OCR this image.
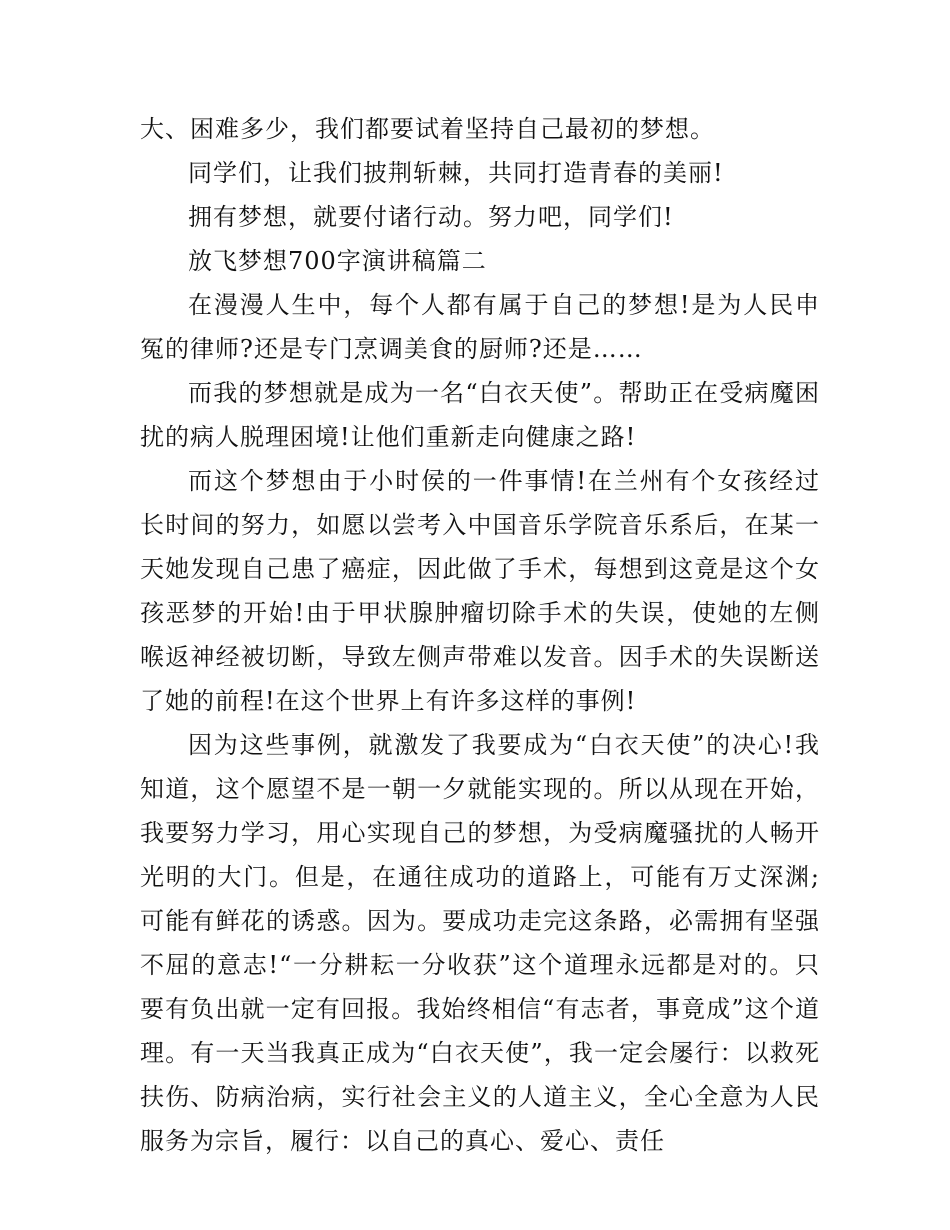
大、困难多少，我们都要试着坚持自己最初的梦想。

同学们，让我们披荆斩棘，共同打造青春的美丽!

拥有梦想，就要付诸行动。努力吧，同学们!

放飞梦想700字演讲稿篇二

在漫漫人生中，每个人都有属于自己的梦想!是为人民申冤的律师?还是专门烹调美食的厨师?还是……

而我的梦想就是成为一名“白衣天使”。帮助正在受病魔困扰的病人脱理困境!让他们重新走向健康之路!

而这个梦想由于小时侯的一件事情!在兰州有个女孩经过长时间的努力，如愿以尝考入中国音乐学院音乐系后，在某一天她发现自己患了癌症，因此做了手术，每想到这竟是这个女孩恶梦的开始!由于甲状腺肿瘤切除手术的失误，使她的左侧喉返神经被切断，导致左侧声带难以发音。因手术的失误断送了她的前程!在这个世界上有许多这样的事例!

因为这些事例，就激发了我要成为“白衣天使”的决心!我知道，这个愿望不是一朝一夕就能实现的。所以从现在开始，我要努力学习，用心实现自己的梦想，为受病魔骚扰的人畅开光明的大门。但是，在通往成功的道路上，可能有万丈深渊;可能有鲜花的诱惑。因为。要成功走完这条路，必需拥有坚强不屈的意志!“一分耕耘一分收获”这个道理永远都是对的。只要有负出就一定有回报。我始终相信“有志者，事竟成”这个道理。有一天当我真正成为“白衣天使”，我一定会屡行：以救死扶伤、防病治病，实行社会主义的人道主义，全心全意为人民服务为宗旨，履行：以自己的真心、爱心、责任
